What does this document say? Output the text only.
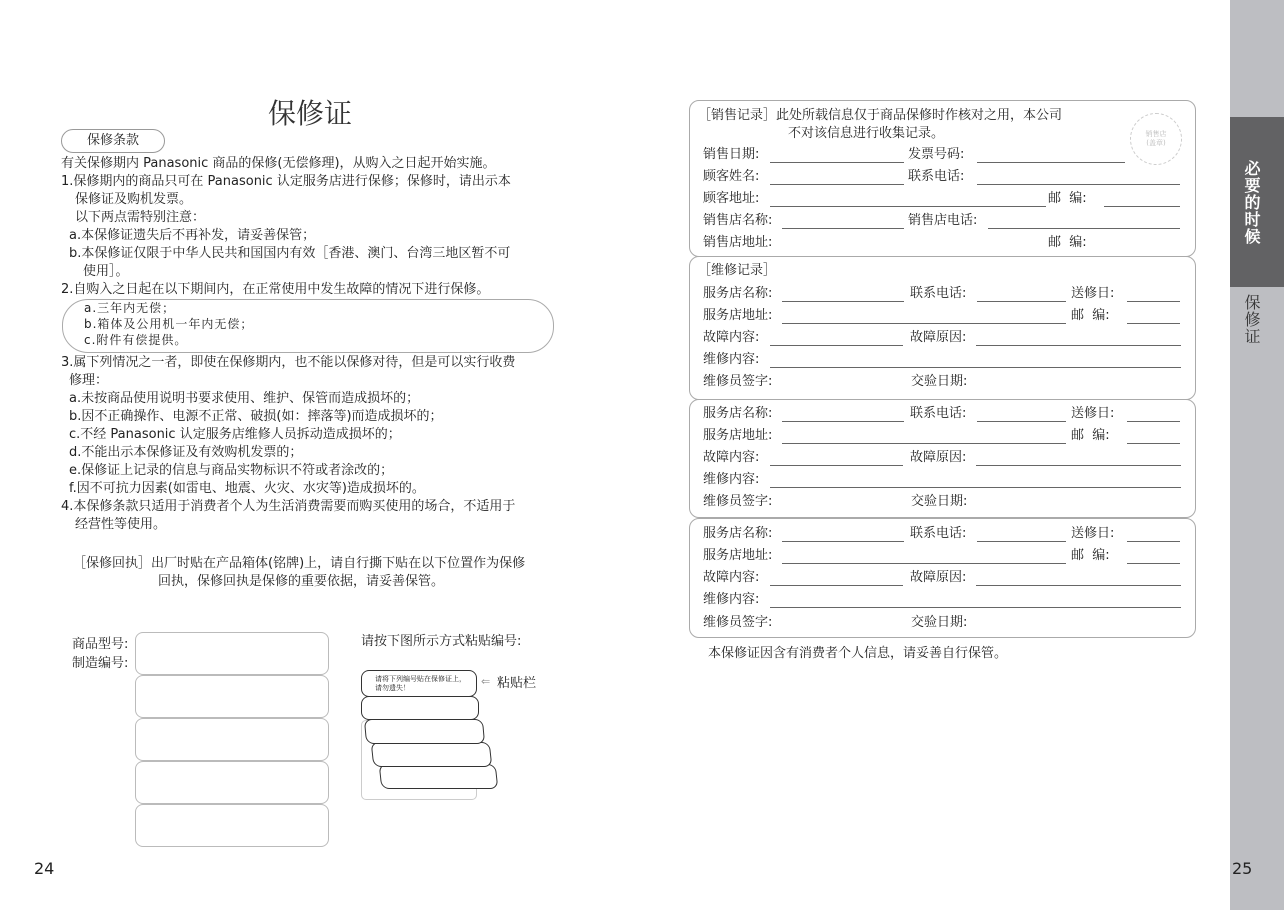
保修证
保修条款
有关保修期内 Panasonic 商品的保修(无偿修理)，从购入之日起开始实施。
1.保修期内的商品只可在 Panasonic 认定服务店进行保修；保修时，请出示本
保修证及购机发票。
以下两点需特别注意：
a.本保修证遗失后不再补发，请妥善保管；
b.本保修证仅限于中华人民共和国国内有效［香港、澳门、台湾三地区暂不可
使用］。
2.自购入之日起在以下期间内，在正常使用中发生故障的情况下进行保修。
a.三年内无偿；
b.箱体及公用机一年内无偿；
c.附件有偿提供。
3.属下列情况之一者，即使在保修期内，也不能以保修对待，但是可以实行收费
修理：
a.未按商品使用说明书要求使用、维护、保管而造成损坏的；
b.因不正确操作、电源不正常、破损(如：摔落等)而造成损坏的；
c.不经 Panasonic 认定服务店维修人员拆动造成损坏的；
d.不能出示本保修证及有效购机发票的；
e.保修证上记录的信息与商品实物标识不符或者涂改的；
f.因不可抗力因素(如雷电、地震、火灾、水灾等)造成损坏的。
4.本保修条款只适用于消费者个人为生活消费需要而购买使用的场合，不适用于
经营性等使用。
［保修回执］出厂时贴在产品箱体(铭牌)上，请自行撕下贴在以下位置作为保修
回执，保修回执是保修的重要依据，请妥善保管。
商品型号:
制造编号:
请按下图所示方式粘贴编号:
请将下列编号贴在保修证上，
请勿遗失！	⇐ 粘贴栏
24
［销售记录］此处所载信息仅于商品保修时作核对之用，本公司
不对该信息进行收集记录。	销售店
(盖章)
销售日期:	发票号码:
顾客姓名:	联系电话:
顾客地址:	邮  编:
销售店名称:	销售店电话:
销售店地址:	邮  编:
［维修记录］
服务店名称:	联系电话:	送修日:
服务店地址:	邮  编:
故障内容:	故障原因:
维修内容:
维修员签字:	交验日期:
服务店名称:	联系电话:	送修日:
服务店地址:	邮  编:
故障内容:	故障原因:
维修内容:
维修员签字:	交验日期:
服务店名称:	联系电话:	送修日:
服务店地址:	邮  编:
故障内容:	故障原因:
维修内容:
维修员签字:	交验日期:
本保修证因含有消费者个人信息，请妥善自行保管。
必要的时候
保修证
25
